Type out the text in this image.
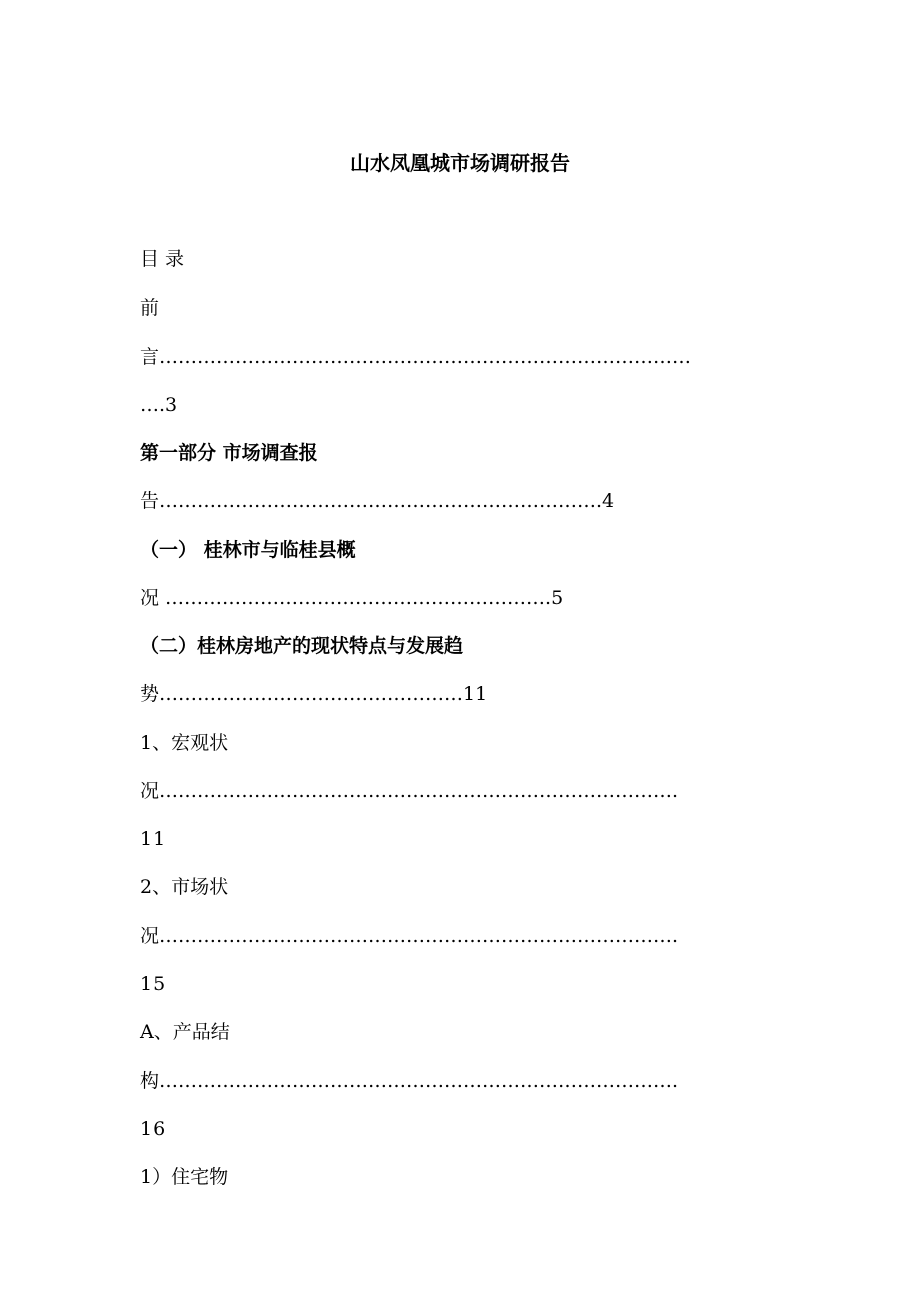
山水凤凰城市场调研报告
目 录
前
言…………………………………………………………………………
….3
第一部分 市场调查报
告…………………………………………………………….4
（一） 桂林市与临桂县概
况 …………………………………………………….5
（二）桂林房地产的现状特点与发展趋
势…………………………………………11
1、宏观状
况……………………………………………………………………….
11
2、市场状
况……………………………………………………………………….
15
A、产品结
构……………………………………………………………………….
16
1）住宅物
